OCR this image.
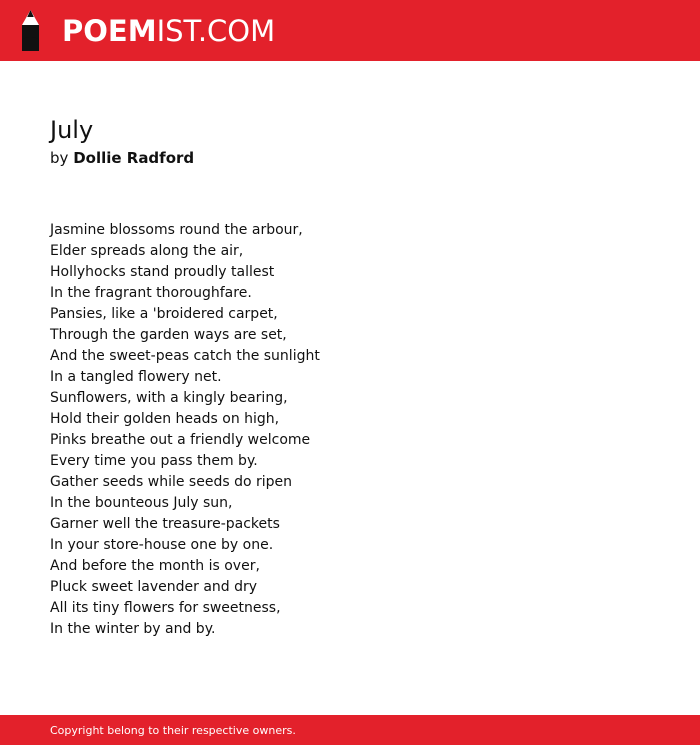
POEMIST.COM
July
by Dollie Radford
Jasmine blossoms round the arbour,
Elder spreads along the air,
Hollyhocks stand proudly tallest
In the fragrant thoroughfare.
Pansies, like a 'broidered carpet,
Through the garden ways are set,
And the sweet-peas catch the sunlight
In a tangled flowery net.
Sunflowers, with a kingly bearing,
Hold their golden heads on high,
Pinks breathe out a friendly welcome
Every time you pass them by.
Gather seeds while seeds do ripen
In the bounteous July sun,
Garner well the treasure-packets
In your store-house one by one.
And before the month is over,
Pluck sweet lavender and dry
All its tiny flowers for sweetness,
In the winter by and by.
Copyright belong to their respective owners.
